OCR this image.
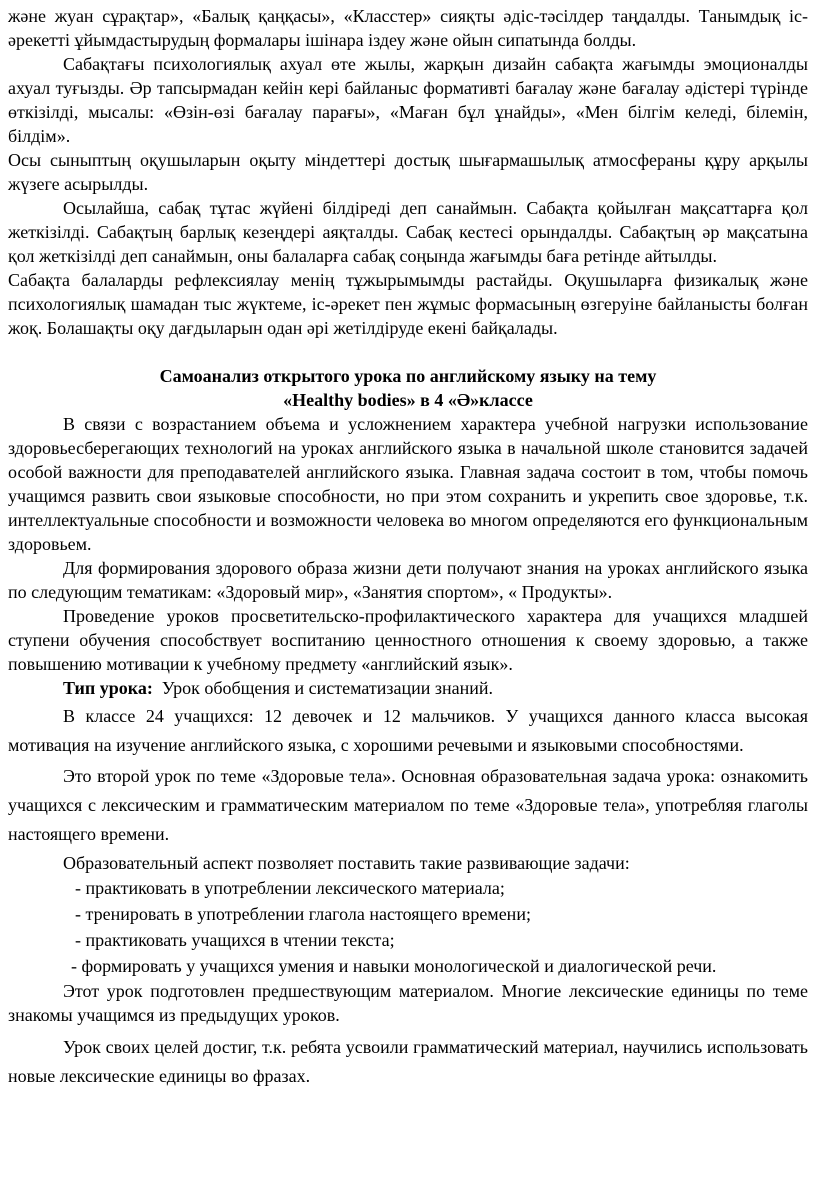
және жуан сұрақтар», «Балық қаңқасы», «Класстер» сияқты әдіс-тәсілдер таңдалды. Танымдық іс-әрекетті ұйымдастырудың формалары ішінара іздеу және ойын сипатында болды.

Сабақтағы психологиялық ахуал өте жылы, жарқын дизайн сабақта жағымды эмоционалды ахуал туғызды. Әр тапсырмадан кейін кері байланыс формативті бағалау және бағалау әдістері түрінде өткізілді, мысалы: «Өзін-өзі бағалау парағы», «Маған бұл ұнайды», «Мен білгім келеді, білемін, білдім».

Осы сыныптың оқушыларын оқыту міндеттері достық шығармашылық атмосфераны құру арқылы жүзеге асырылды.

Осылайша, сабақ тұтас жүйені білдіреді деп санаймын. Сабақта қойылған мақсаттарға қол жеткізілді. Сабақтың барлық кезеңдері аяқталды. Сабақ кестесі орындалды. Сабақтың әр мақсатына қол жеткізілді деп санаймын, оны балаларға сабақ соңында жағымды баға ретінде айтылды.

Сабақта балаларды рефлексиялау менің тұжырымымды растайды. Оқушыларға физикалық және психологиялық шамадан тыс жүктеме, іс-әрекет пен жұмыс формасының өзгеруіне байланысты болған жоқ. Болашақты оқу дағдыларын одан әрі жетілдіруде екені байқалады.

Самоанализ открытого урока по английскому языку на тему
«Healthy bodies» в 4 «Ә»классе

В связи с возрастанием объема и усложнением характера учебной нагрузки использование здоровьесберегающих технологий на уроках английского языка в начальной школе становится задачей особой важности для преподавателей английского языка. Главная задача состоит в том, чтобы помочь учащимся развить свои языковые способности, но при этом сохранить и укрепить свое здоровье, т.к. интеллектуальные способности и возможности человека во многом определяются его функциональным здоровьем.

Для формирования здорового образа жизни дети получают знания на уроках английского языка по следующим тематикам: «Здоровый мир», «Занятия спортом», « Продукты».

Проведение уроков просветительско-профилактического характера для учащихся младшей ступени обучения способствует воспитанию ценностного отношения к своему здоровью, а также повышению мотивации к учебному предмету «английский язык».

Тип урока: Урок обобщения и систематизации знаний.

В классе 24 учащихся: 12 девочек и 12 мальчиков. У учащихся данного класса высокая мотивация на изучение английского языка, с хорошими речевыми и языковыми способностями.

Это второй урок по теме «Здоровые тела». Основная образовательная задача урока: ознакомить учащихся с лексическим и грамматическим материалом по теме «Здоровые тела», употребляя глаголы настоящего времени.

Образовательный аспект позволяет поставить такие развивающие задачи:

- практиковать в употреблении лексического материала;

- тренировать в употреблении глагола настоящего времени;

- практиковать учащихся в чтении текста;

- формировать у учащихся умения и навыки монологической и диалогической речи.

Этот урок подготовлен предшествующим материалом. Многие лексические единицы по теме знакомы учащимся из предыдущих уроков.

Урок своих целей достиг, т.к. ребята усвоили грамматический материал, научились использовать новые лексические единицы во фразах.
